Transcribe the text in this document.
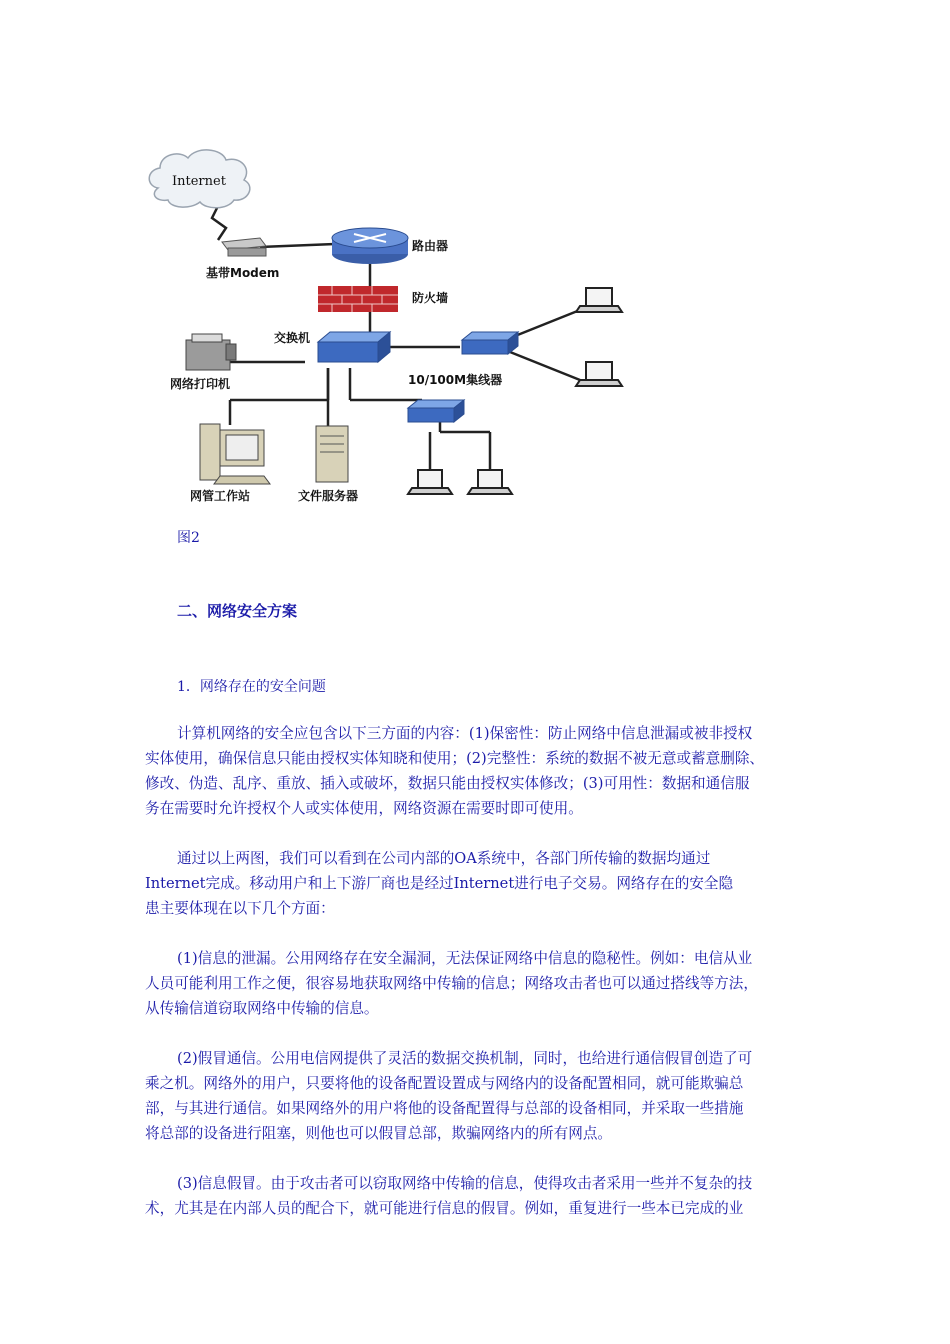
Internet
基带Modem
路由器
防火墙
交换机
10/100M集线器
网络打印机
网管工作站	文件服务器
图2
二、网络安全方案
1．网络存在的安全问题
计算机网络的安全应包含以下三方面的内容：(1)保密性：防止网络中信息泄漏或被非授权
实体使用，确保信息只能由授权实体知晓和使用；(2)完整性：系统的数据不被无意或蓄意删除、
修改、伪造、乱序、重放、插入或破坏，数据只能由授权实体修改；(3)可用性：数据和通信服
务在需要时允许授权个人或实体使用，网络资源在需要时即可使用。
通过以上两图，我们可以看到在公司内部的OA系统中，各部门所传输的数据均通过
Internet完成。移动用户和上下游厂商也是经过Internet进行电子交易。网络存在的安全隐
患主要体现在以下几个方面：
(1)信息的泄漏。公用网络存在安全漏洞，无法保证网络中信息的隐秘性。例如：电信从业
人员可能利用工作之便，很容易地获取网络中传输的信息；网络攻击者也可以通过搭线等方法，
从传输信道窃取网络中传输的信息。
(2)假冒通信。公用电信网提供了灵活的数据交换机制，同时，也给进行通信假冒创造了可
乘之机。网络外的用户，只要将他的设备配置设置成与网络内的设备配置相同，就可能欺骗总
部，与其进行通信。如果网络外的用户将他的设备配置得与总部的设备相同，并采取一些措施
将总部的设备进行阻塞，则他也可以假冒总部，欺骗网络内的所有网点。
(3)信息假冒。由于攻击者可以窃取网络中传输的信息，使得攻击者采用一些并不复杂的技
术，尤其是在内部人员的配合下，就可能进行信息的假冒。例如，重复进行一些本已完成的业
